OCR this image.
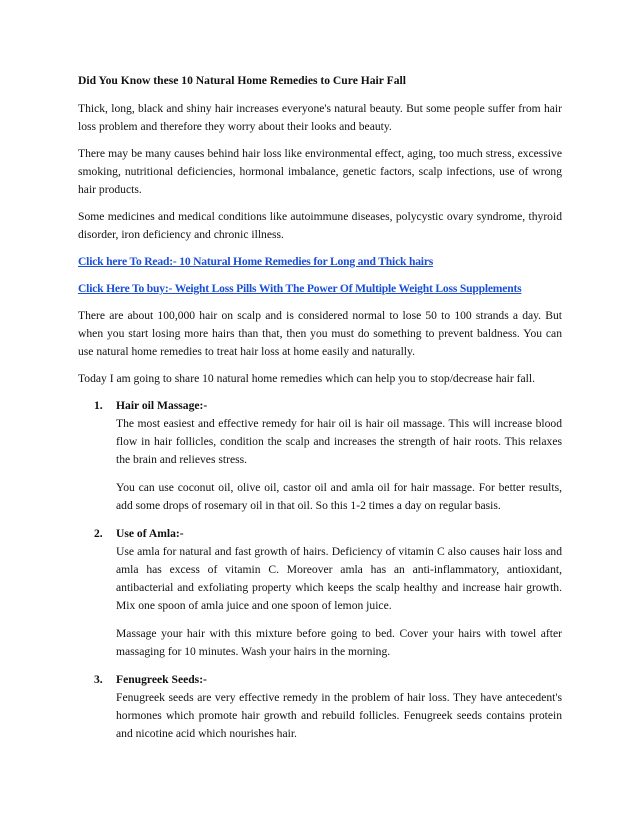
Did You Know these 10 Natural Home Remedies to Cure Hair Fall

Thick, long, black and shiny hair increases everyone's natural beauty. But some people suffer from hair loss problem and therefore they worry about their looks and beauty.

There may be many causes behind hair loss like environmental effect, aging, too much stress, excessive smoking, nutritional deficiencies, hormonal imbalance, genetic factors, scalp infections, use of wrong hair products.

Some medicines and medical conditions like autoimmune diseases, polycystic ovary syndrome, thyroid disorder, iron deficiency and chronic illness.

Click here To Read:- 10 Natural Home Remedies for Long and Thick hairs
Click Here To buy:- Weight Loss Pills With The Power Of Multiple Weight Loss Supplements

There are about 100,000 hair on scalp and is considered normal to lose 50 to 100 strands a day. But when you start losing more hairs than that, then you must do something to prevent baldness. You can use natural home remedies to treat hair loss at home easily and naturally.

Today I am going to share 10 natural home remedies which can help you to stop/decrease hair fall.

1. Hair oil Massage:-

The most easiest and effective remedy for hair oil is hair oil massage. This will increase blood flow in hair follicles, condition the scalp and increases the strength of hair roots. This relaxes the brain and relieves stress.

You can use coconut oil, olive oil, castor oil and amla oil for hair massage. For better results, add some drops of rosemary oil in that oil. So this 1-2 times a day on regular basis.

2. Use of Amla:-

Use amla for natural and fast growth of hairs. Deficiency of vitamin C also causes hair loss and amla has excess of vitamin C. Moreover amla has an anti-inflammatory, antioxidant, antibacterial and exfoliating property which keeps the scalp healthy and increase hair growth. Mix one spoon of amla juice and one spoon of lemon juice.

Massage your hair with this mixture before going to bed. Cover your hairs with towel after massaging for 10 minutes. Wash your hairs in the morning.

3. Fenugreek Seeds:-

Fenugreek seeds are very effective remedy in the problem of hair loss. They have antecedent's hormones which promote hair growth and rebuild follicles. Fenugreek seeds contains protein and nicotine acid which nourishes hair.
